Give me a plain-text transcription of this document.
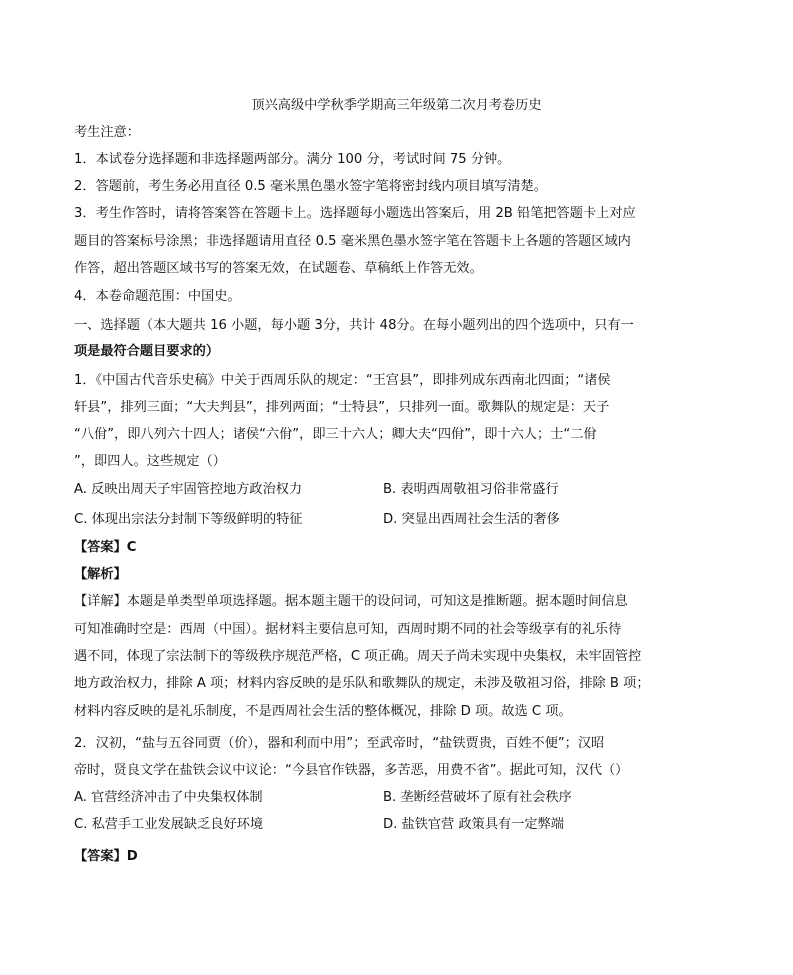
顶兴高级中学秋季学期高三年级第二次月考卷历史
考生注意：
1．本试卷分选择题和非选择题两部分。满分 100 分，考试时间 75 分钟。
2．答题前，考生务必用直径 0.5 毫米黑色墨水签字笔将密封线内项目填写清楚。
3．考生作答时，请将答案答在答题卡上。选择题每小题选出答案后，用 2B 铅笔把答题卡上对应
题目的答案标号涂黑；非选择题请用直径 0.5 毫米黑色墨水签字笔在答题卡上各题的答题区域内
作答，超出答题区域书写的答案无效，在试题卷、草稿纸上作答无效。
4．本卷命题范围：中国史。
一、选择题（本大题共 16 小题，每小题 3分，共计 48分。在每小题列出的四个选项中，只有一
项是最符合题目要求的）
1．《中国古代音乐史稿》中关于西周乐队的规定：“王宫县”，即排列成东西南北四面；“诸侯
轩县”，排列三面；“大夫判县”，排列两面；“士特县”，只排列一面。歌舞队的规定是：天子
“八佾”，即八列六十四人；诸侯“六佾”，即三十六人；卿大夫“四佾”，即十六人；士“二佾
”，即四人。这些规定（）
A. 反映出周天子牢固管控地方政治权力	B. 表明西周敬祖习俗非常盛行
C. 体现出宗法分封制下等级鲜明的特征	D. 突显出西周社会生活的奢侈
【答案】C
【解析】
【详解】本题是单类型单项选择题。据本题主题干的设问词，可知这是推断题。据本题时间信息
可知准确时空是：西周（中国）。据材料主要信息可知，西周时期不同的社会等级享有的礼乐待
遇不同，体现了宗法制下的等级秩序规范严格，C 项正确。周天子尚未实现中央集权，未牢固管控
地方政治权力，排除 A 项；材料内容反映的是乐队和歌舞队的规定，未涉及敬祖习俗，排除 B 项；
材料内容反映的是礼乐制度，不是西周社会生活的整体概况，排除 D 项。故选 C 项。
2．汉初，“盐与五谷同贾（价），器和利而中用”；至武帝时，“盐铁贾贵，百姓不便”；汉昭
帝时，贤良文学在盐铁会议中议论：“今县官作铁器，多苦恶，用费不省”。据此可知，汉代（）
A. 官营经济冲击了中央集权体制	B. 垄断经营破坏了原有社会秩序
C. 私营手工业发展缺乏良好环境	D. 盐铁官营 政策具有一定弊端
【答案】D
